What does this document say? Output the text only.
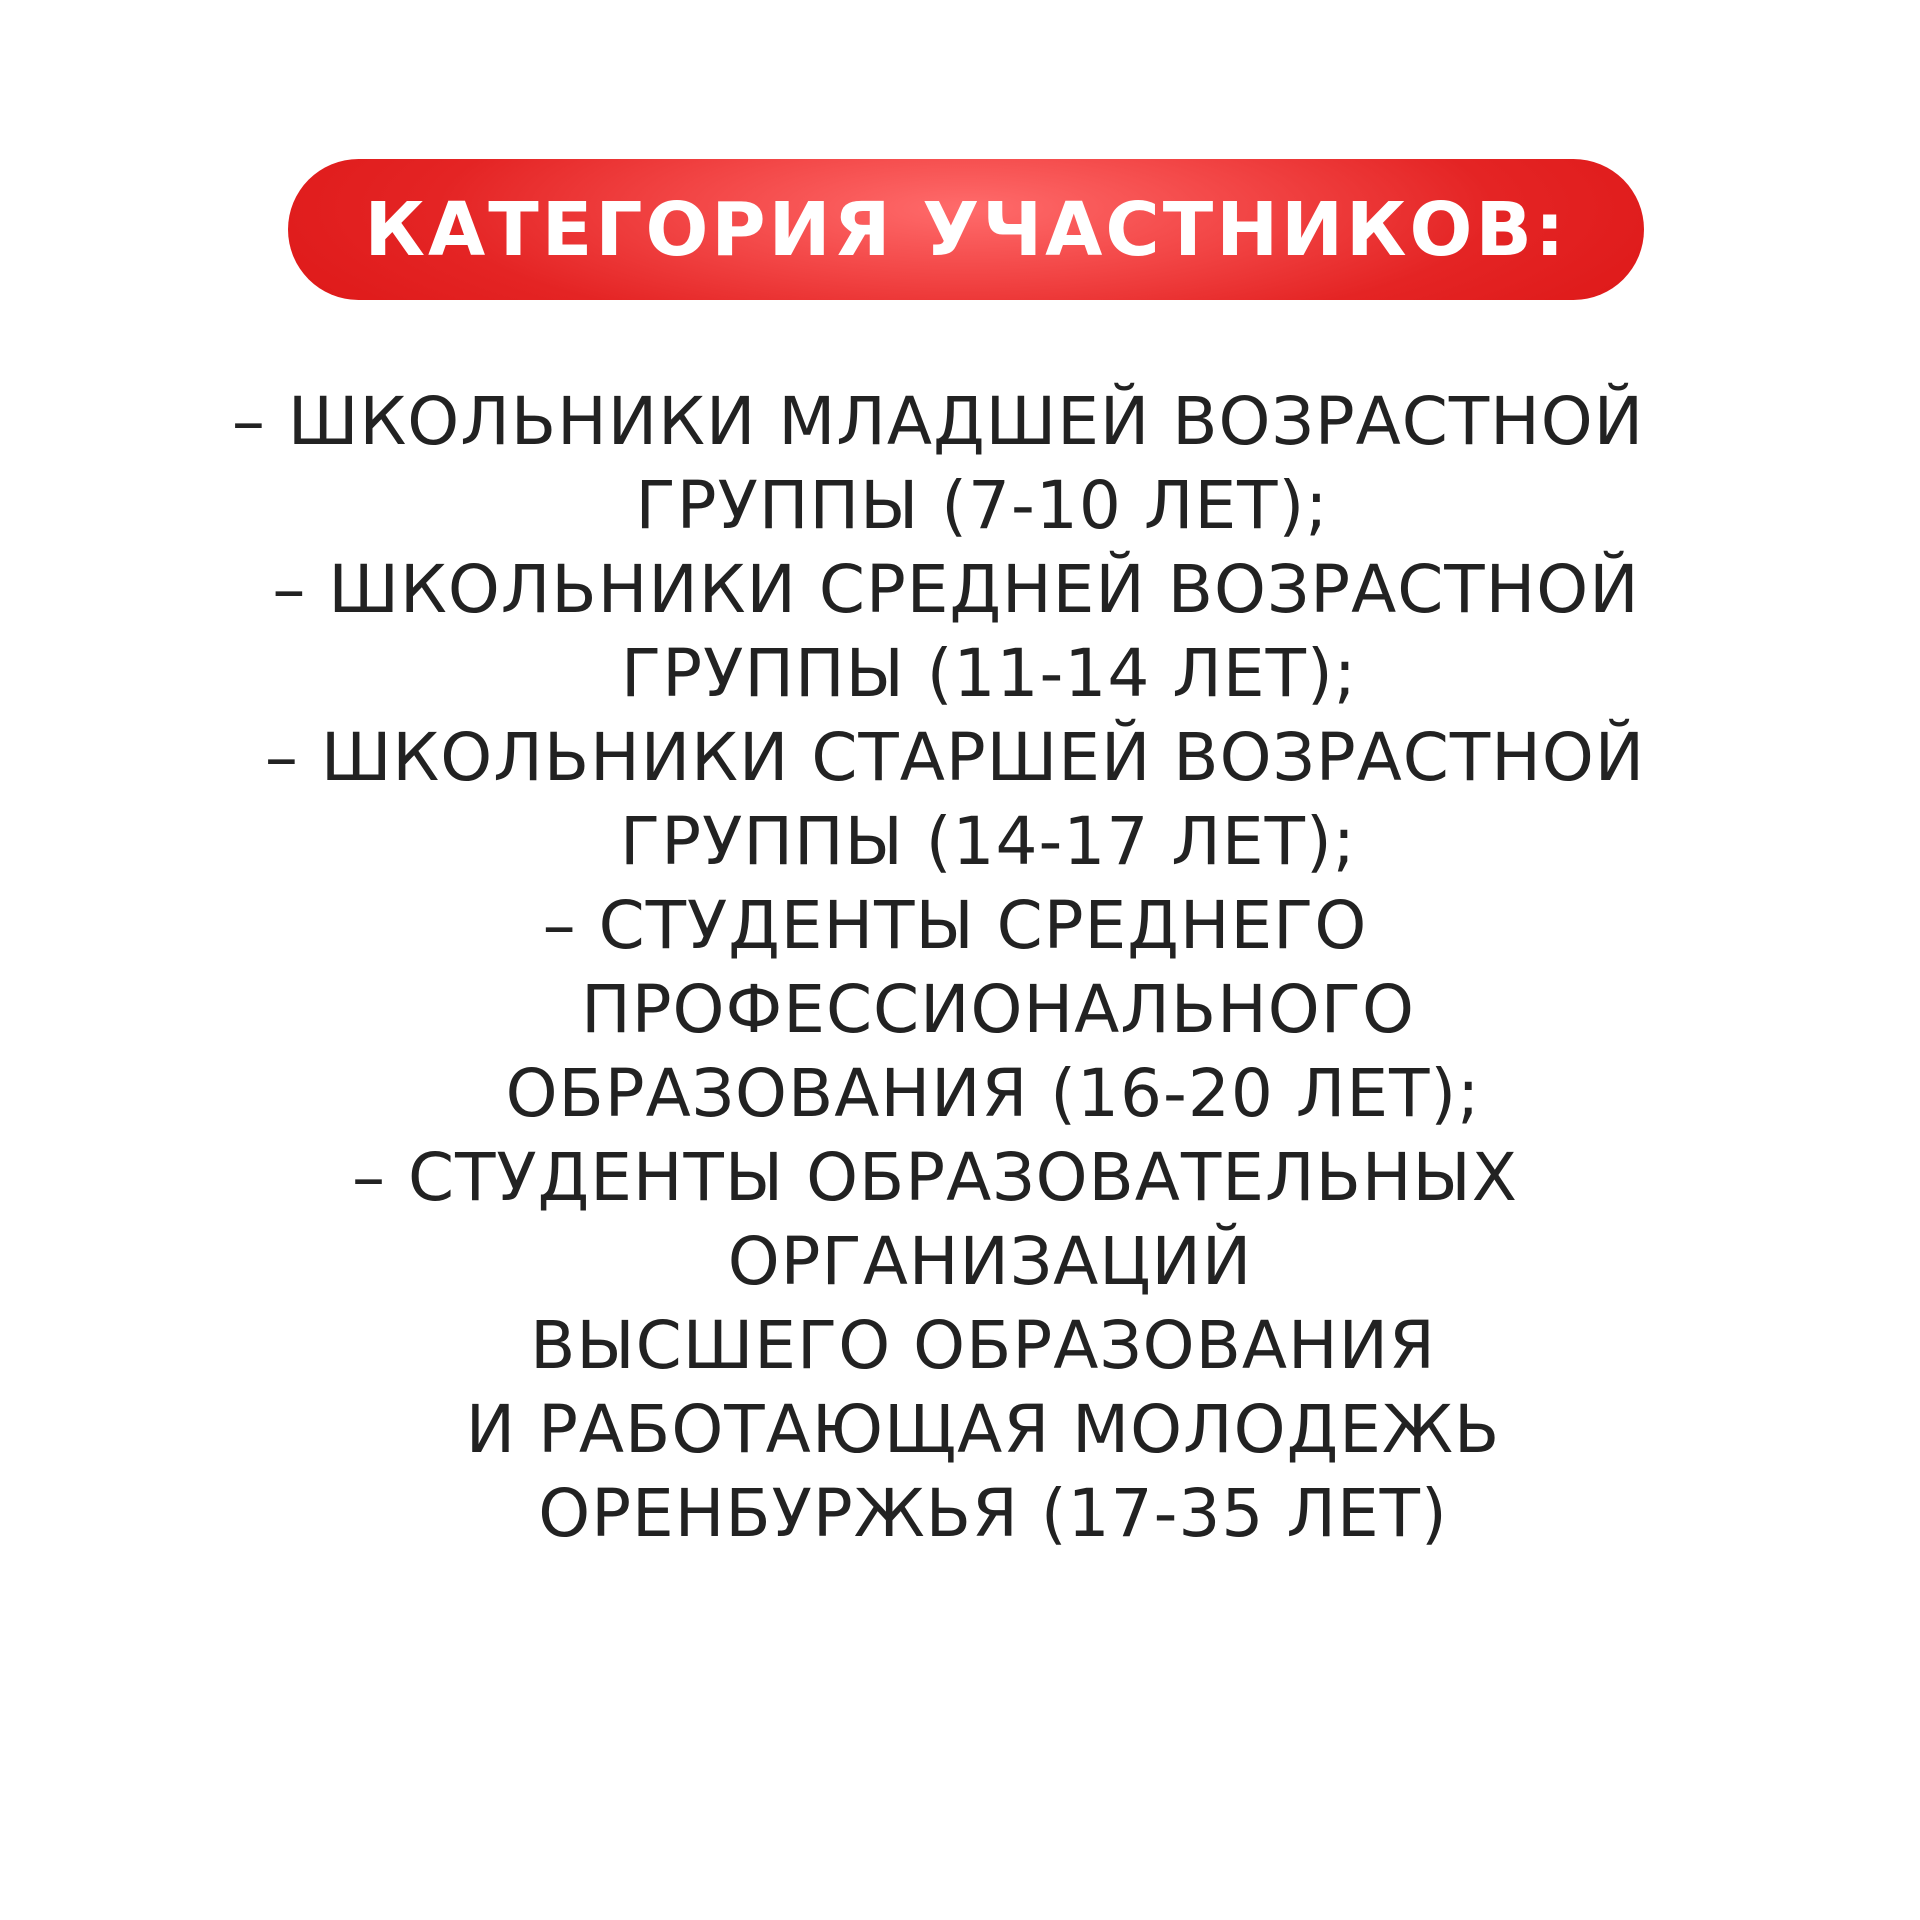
КАТЕГОРИЯ УЧАСТНИКОВ:
– ШКОЛЬНИКИ МЛАДШЕЙ ВОЗРАСТНОЙ
ГРУППЫ (7-10 ЛЕТ);
– ШКОЛЬНИКИ СРЕДНЕЙ ВОЗРАСТНОЙ
ГРУППЫ (11-14 ЛЕТ);
– ШКОЛЬНИКИ СТАРШЕЙ ВОЗРАСТНОЙ
ГРУППЫ (14-17 ЛЕТ);
– СТУДЕНТЫ СРЕДНЕГО
ПРОФЕССИОНАЛЬНОГО
ОБРАЗОВАНИЯ (16-20 ЛЕТ);
– СТУДЕНТЫ ОБРАЗОВАТЕЛЬНЫХ
ОРГАНИЗАЦИЙ
ВЫСШЕГО ОБРАЗОВАНИЯ
И РАБОТАЮЩАЯ МОЛОДЕЖЬ
ОРЕНБУРЖЬЯ (17-35 ЛЕТ)
